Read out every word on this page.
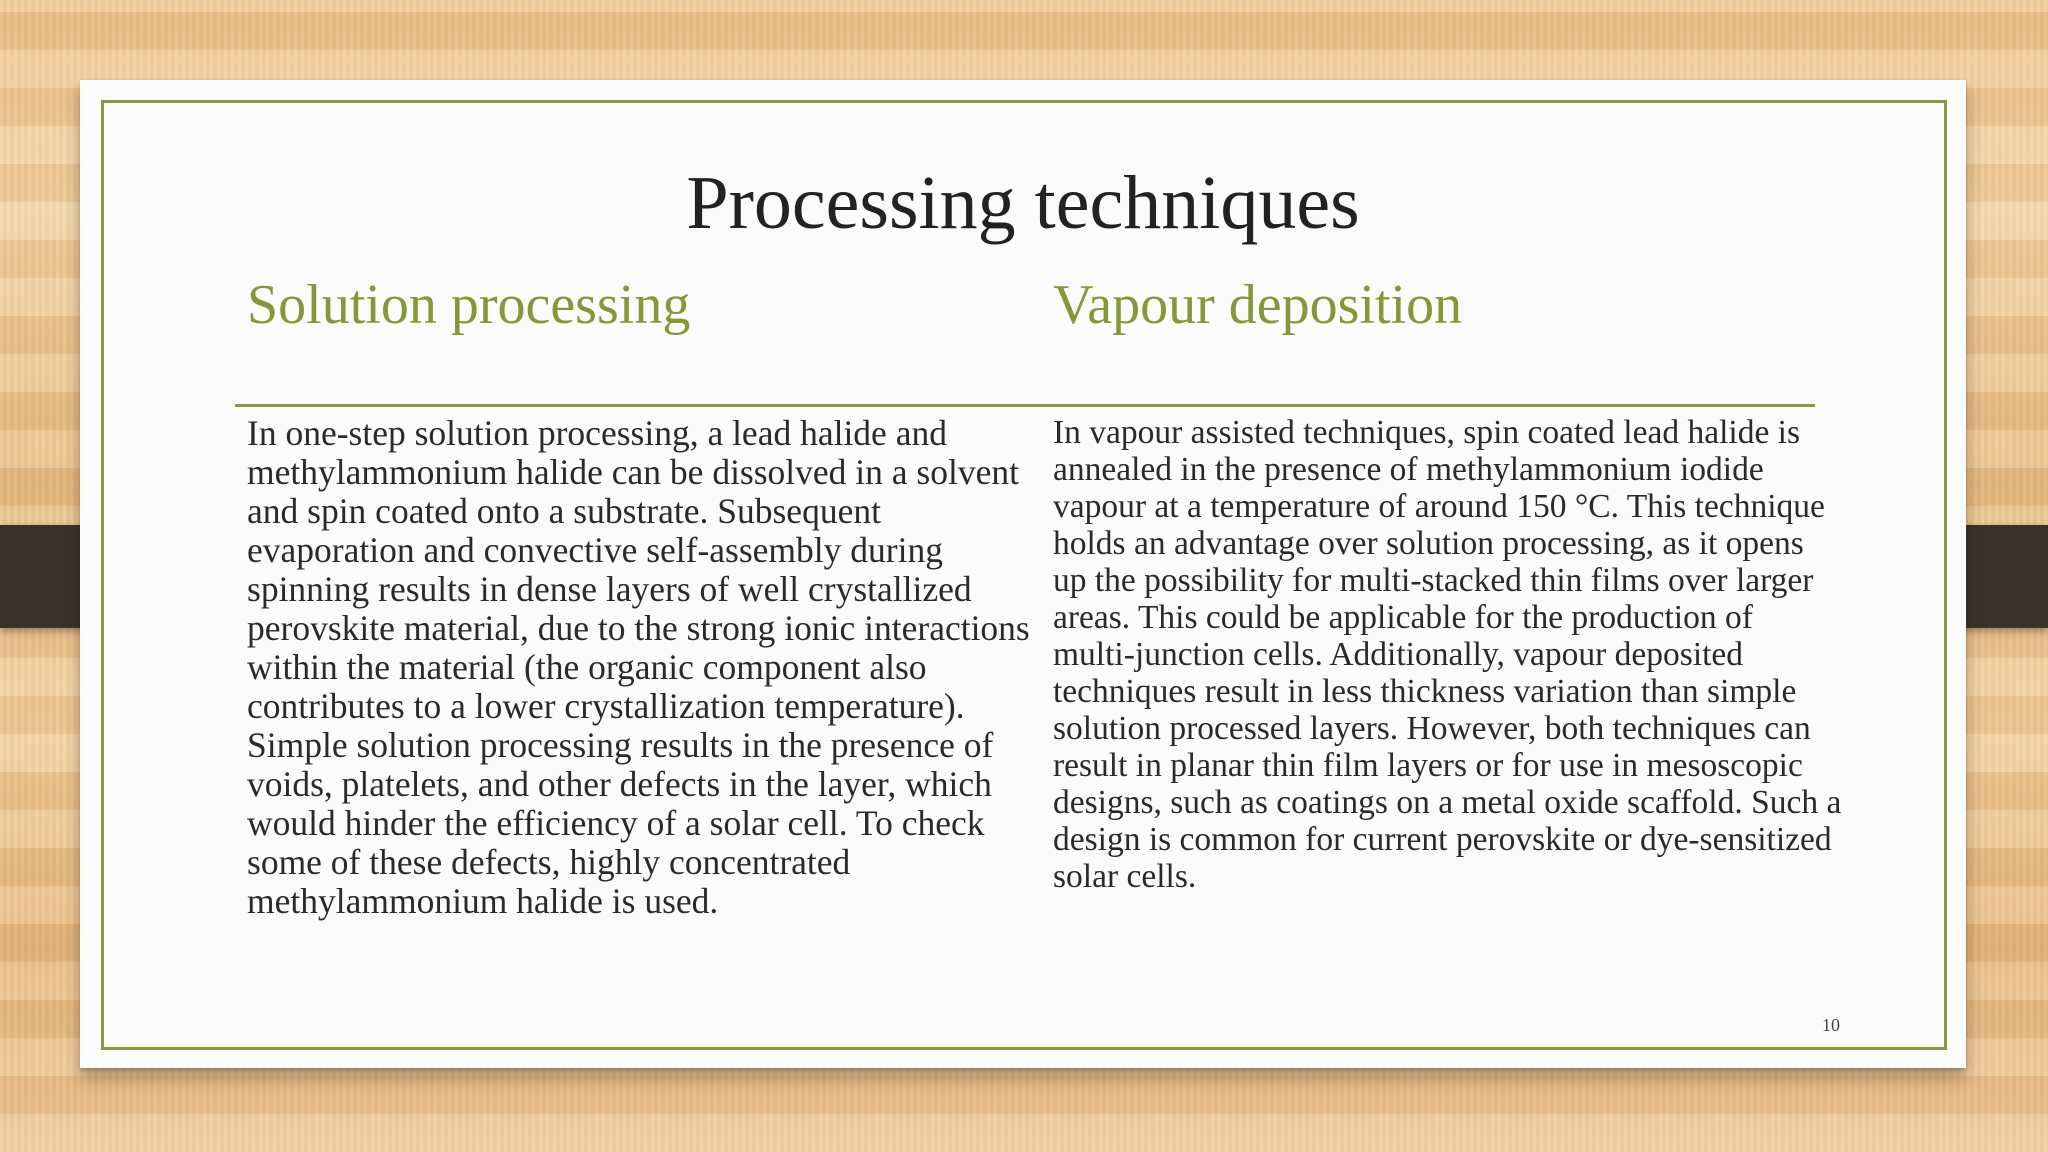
Processing techniques
Solution processing	Vapour deposition

In one-step solution processing, a lead halide and methylammonium halide can be dissolved in a solvent and spin coated onto a substrate. Subsequent evaporation and convective self-assembly during spinning results in dense layers of well crystallized perovskite material, due to the strong ionic interactions within the material (the organic component also contributes to a lower crystallization temperature). Simple solution processing results in the presence of voids, platelets, and other defects in the layer, which would hinder the efficiency of a solar cell. To check some of these defects, highly concentrated methylammonium halide is used.

In vapour assisted techniques, spin coated lead halide is annealed in the presence of methylammonium iodide vapour at a temperature of around 150 °C. This technique holds an advantage over solution processing, as it opens up the possibility for multi-stacked thin films over larger areas. This could be applicable for the production of multi-junction cells. Additionally, vapour deposited techniques result in less thickness variation than simple solution processed layers. However, both techniques can result in planar thin film layers or for use in mesoscopic designs, such as coatings on a metal oxide scaffold. Such a design is common for current perovskite or dye-sensitized solar cells.

10
